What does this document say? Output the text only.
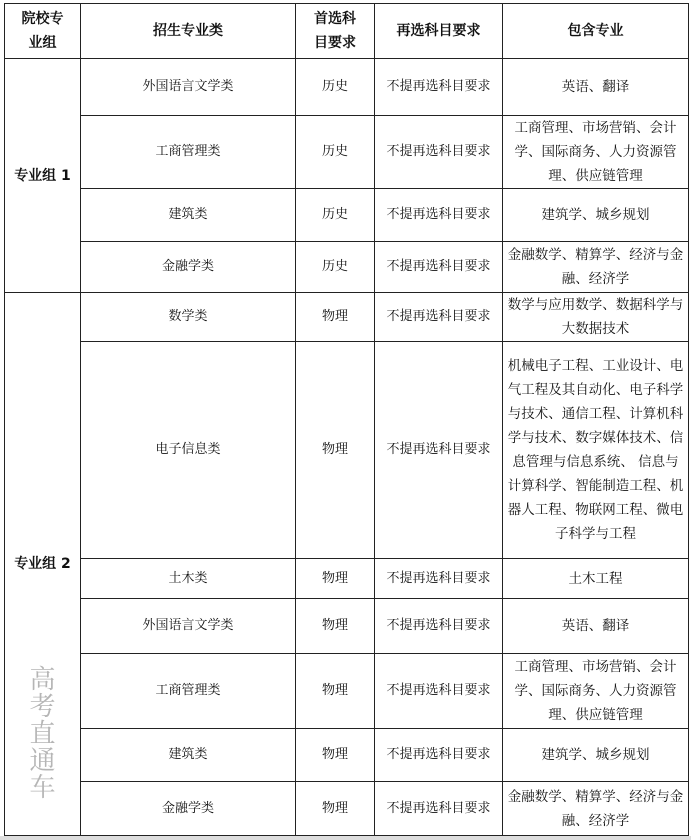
院校专业组	招生专业类	首选科目要求	再选科目要求	包含专业
专业组 1	外国语言文学类	历史	不提再选科目要求	英语、翻译
	工商管理类	历史	不提再选科目要求	工商管理、市场营销、会计学、国际商务、人力资源管理、供应链管理
	建筑类	历史	不提再选科目要求	建筑学、城乡规划
	金融学类	历史	不提再选科目要求	金融数学、精算学、经济与金融、经济学
专业组 2	数学类	物理	不提再选科目要求	数学与应用数学、数据科学与大数据技术
	电子信息类	物理	不提再选科目要求	机械电子工程、工业设计、电气工程及其自动化、电子科学与技术、通信工程、计算机科学与技术、数字媒体技术、信息管理与信息系统、 信息与计算科学、智能制造工程、机器人工程、物联网工程、微电子科学与工程
	土木类	物理	不提再选科目要求	土木工程
	外国语言文学类	物理	不提再选科目要求	英语、翻译
	工商管理类	物理	不提再选科目要求	工商管理、市场营销、会计学、国际商务、人力资源管理、供应链管理
	建筑类	物理	不提再选科目要求	建筑学、城乡规划
	金融学类	物理	不提再选科目要求	金融数学、精算学、经济与金融、经济学
高考直通车
